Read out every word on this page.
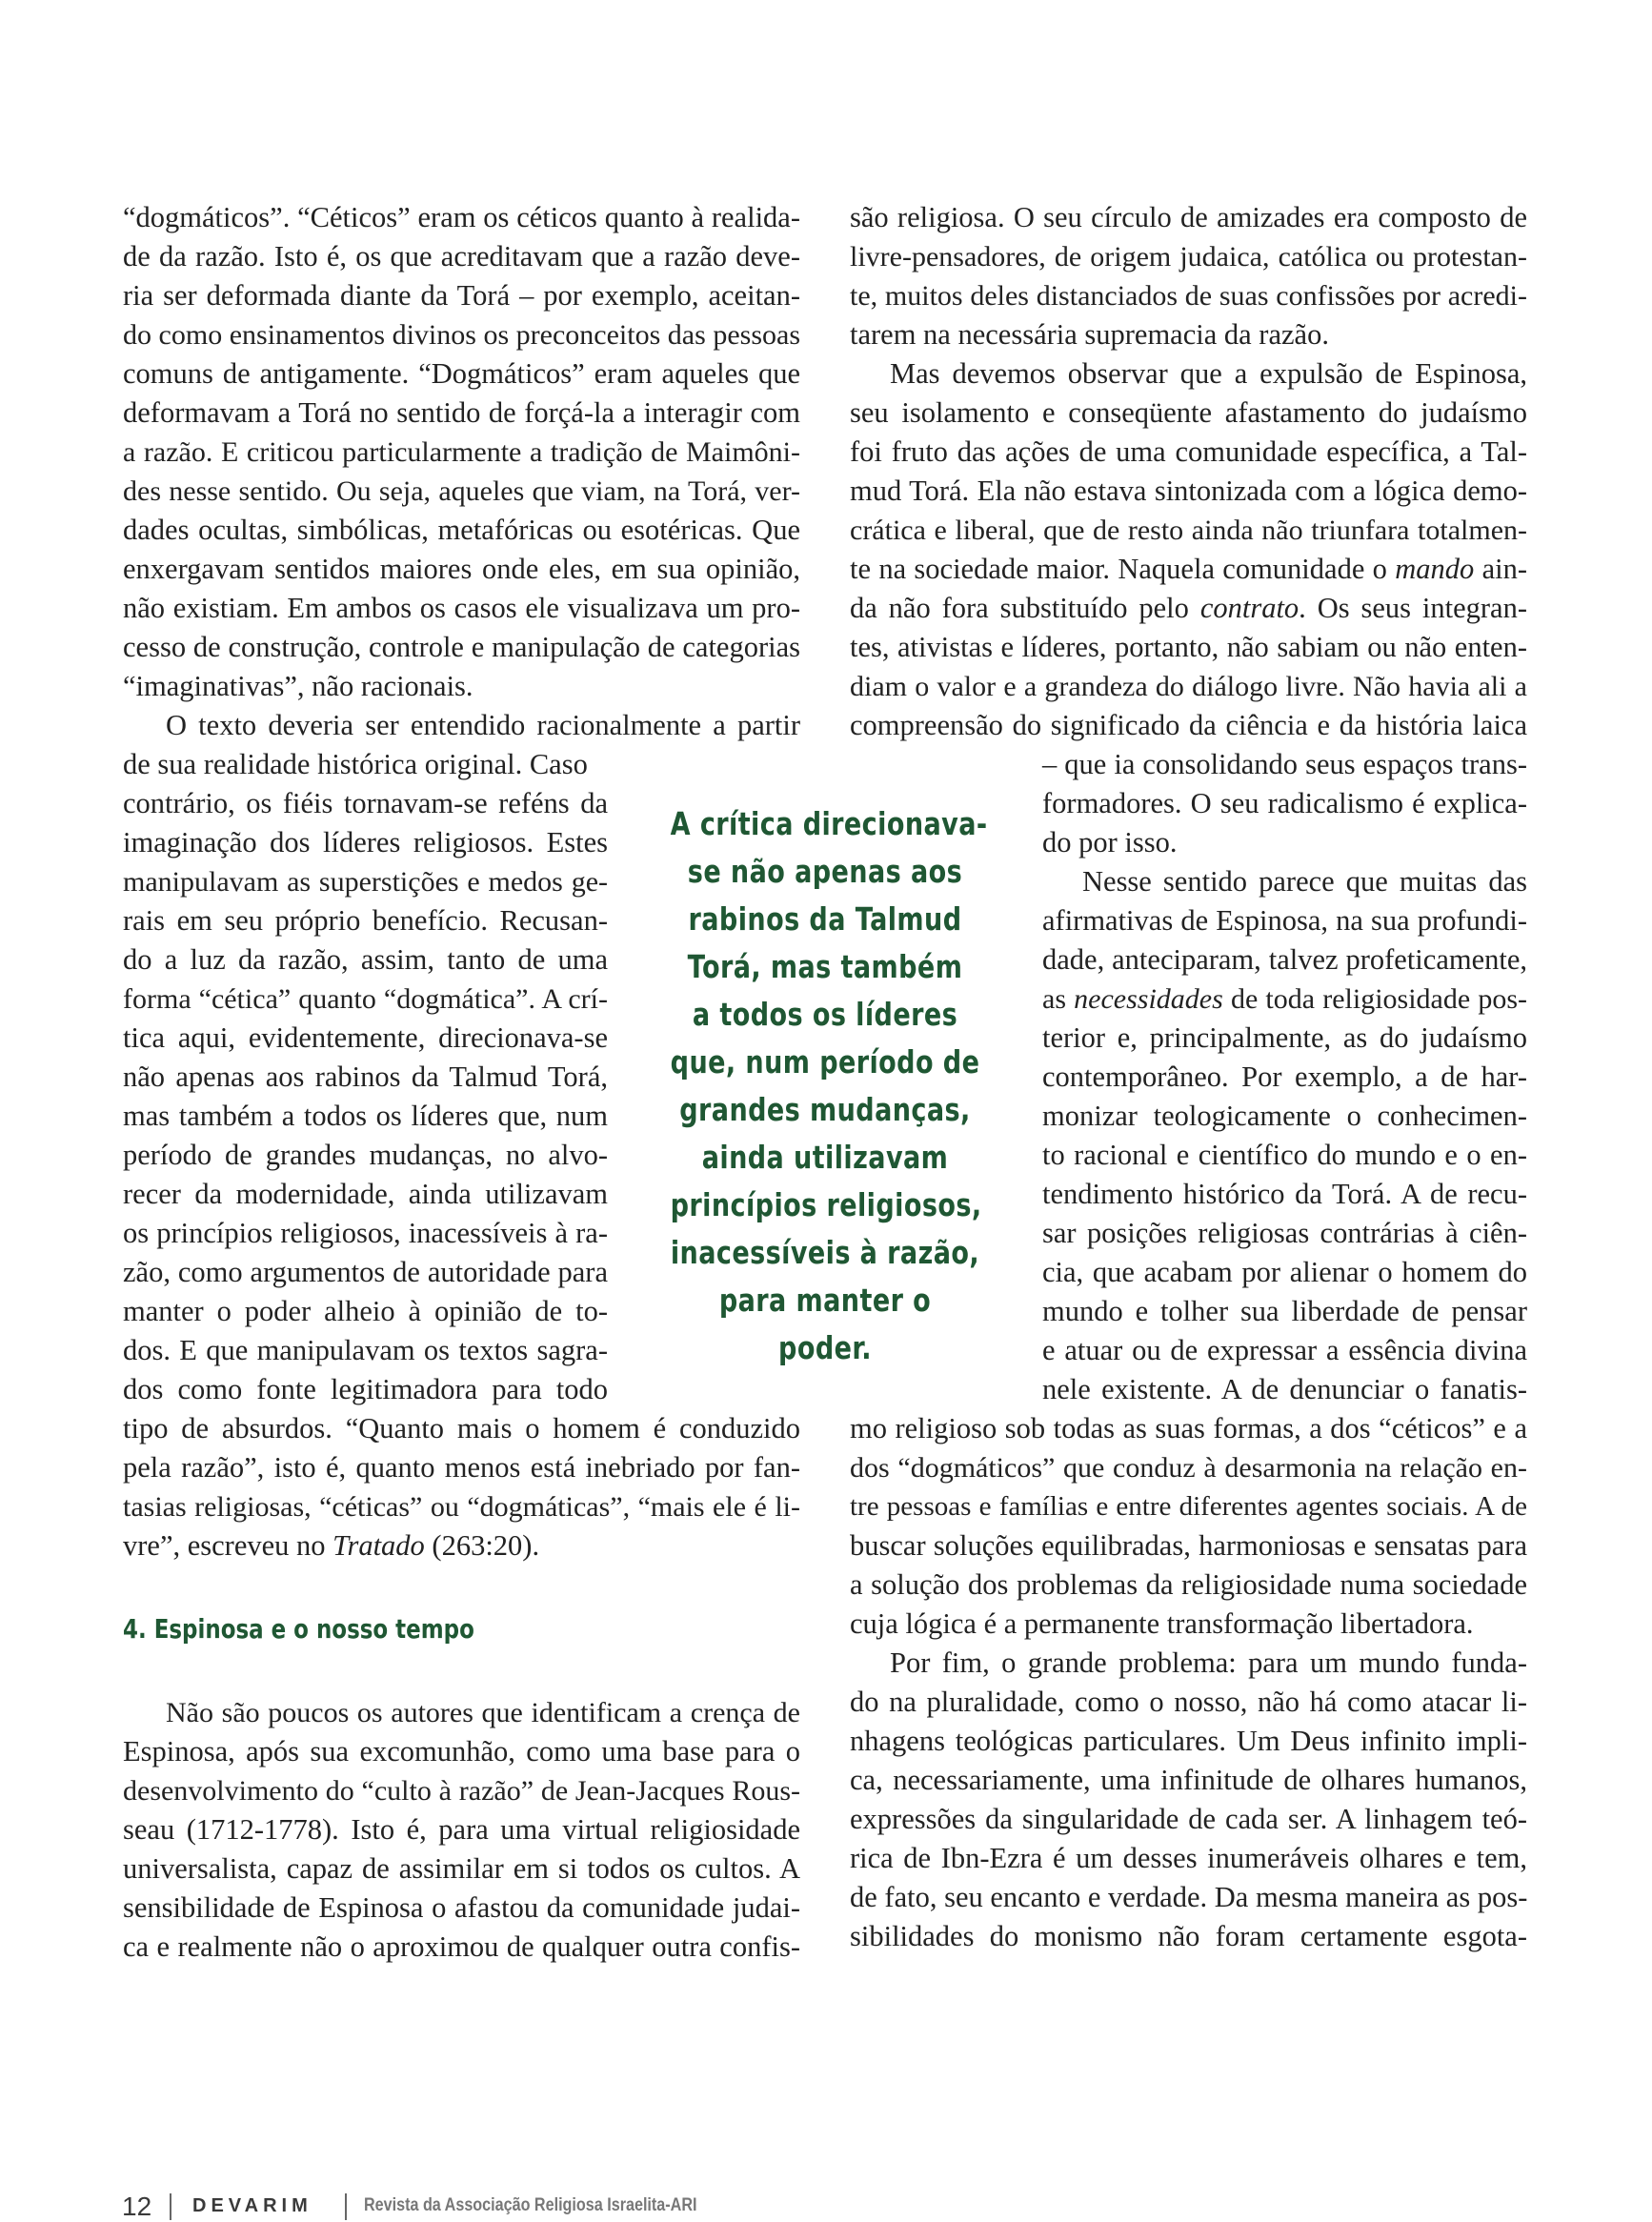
“dogmáticos”. “Céticos” eram os céticos quanto à realida-
de da razão. Isto é, os que acreditavam que a razão deve-
ria ser deformada diante da Torá – por exemplo, aceitan-
do como ensinamentos divinos os preconceitos das pessoas
comuns de antigamente. “Dogmáticos” eram aqueles que
deformavam a Torá no sentido de forçá-la a interagir com
a razão. E criticou particularmente a tradição de Maimôni-
des nesse sentido. Ou seja, aqueles que viam, na Torá, ver-
dades ocultas, simbólicas, metafóricas ou esotéricas. Que
enxergavam sentidos maiores onde eles, em sua opinião,
não existiam. Em ambos os casos ele visualizava um pro-
cesso de construção, controle e manipulação de categorias
“imaginativas”, não racionais.
O texto deveria ser entendido racionalmente a partir
de sua realidade histórica original. Caso
contrário, os fiéis tornavam-se reféns da
imaginação dos líderes religiosos. Estes
manipulavam as superstições e medos ge-
rais em seu próprio benefício. Recusan-
do a luz da razão, assim, tanto de uma
forma “cética” quanto “dogmática”. A crí-
tica aqui, evidentemente, direcionava-se
não apenas aos rabinos da Talmud Torá,
mas também a todos os líderes que, num
período de grandes mudanças, no alvo-
recer da modernidade, ainda utilizavam
os princípios religiosos, inacessíveis à ra-
zão, como argumentos de autoridade para
manter o poder alheio à opinião de to-
dos. E que manipulavam os textos sagra-
dos como fonte legitimadora para todo
tipo de absurdos. “Quanto mais o homem é conduzido
pela razão”, isto é, quanto menos está inebriado por fan-
tasias religiosas, “céticas” ou “dogmáticas”, “mais ele é li-
vre”, escreveu no Tratado (263:20).
4. Espinosa e o nosso tempo
Não são poucos os autores que identificam a crença de
Espinosa, após sua excomunhão, como uma base para o
desenvolvimento do “culto à razão” de Jean-Jacques Rous-
seau (1712-1778). Isto é, para uma virtual religiosidade
universalista, capaz de assimilar em si todos os cultos. A
sensibilidade de Espinosa o afastou da comunidade judai-
ca e realmente não o aproximou de qualquer outra confis-
são religiosa. O seu círculo de amizades era composto de
livre-pensadores, de origem judaica, católica ou protestan-
te, muitos deles distanciados de suas confissões por acredi-
tarem na necessária supremacia da razão.
Mas devemos observar que a expulsão de Espinosa,
seu isolamento e conseqüente afastamento do judaísmo
foi fruto das ações de uma comunidade específica, a Tal-
mud Torá. Ela não estava sintonizada com a lógica demo-
crática e liberal, que de resto ainda não triunfara totalmen-
te na sociedade maior. Naquela comunidade o mando ain-
da não fora substituído pelo contrato. Os seus integran-
tes, ativistas e líderes, portanto, não sabiam ou não enten-
diam o valor e a grandeza do diálogo livre. Não havia ali a
compreensão do significado da ciência e da história laica
– que ia consolidando seus espaços trans-
formadores. O seu radicalismo é explica-
do por isso.
Nesse sentido parece que muitas das
afirmativas de Espinosa, na sua profundi-
dade, anteciparam, talvez profeticamente,
as necessidades de toda religiosidade pos-
terior e, principalmente, as do judaísmo
contemporâneo. Por exemplo, a de har-
monizar teologicamente o conhecimen-
to racional e científico do mundo e o en-
tendimento histórico da Torá. A de recu-
sar posições religiosas contrárias à ciên-
cia, que acabam por alienar o homem do
mundo e tolher sua liberdade de pensar
e atuar ou de expressar a essência divina
nele existente. A de denunciar o fanatis-
mo religioso sob todas as suas formas, a dos “céticos” e a
dos “dogmáticos” que conduz à desarmonia na relação en-
tre pessoas e famílias e entre diferentes agentes sociais. A de
buscar soluções equilibradas, harmoniosas e sensatas para
a solução dos problemas da religiosidade numa sociedade
cuja lógica é a permanente transformação libertadora.
Por fim, o grande problema: para um mundo funda-
do na pluralidade, como o nosso, não há como atacar li-
nhagens teológicas particulares. Um Deus infinito impli-
ca, necessariamente, uma infinitude de olhares humanos,
expressões da singularidade de cada ser. A linhagem teó-
rica de Ibn-Ezra é um desses inumeráveis olhares e tem,
de fato, seu encanto e verdade. Da mesma maneira as pos-
sibilidades do monismo não foram certamente esgota-
A crítica direcionava-
se não apenas aos
rabinos da Talmud
Torá, mas também
a todos os líderes
que, num período de
grandes mudanças,
ainda utilizavam
princípios religiosos,
inacessíveis à razão,
para manter o
poder.
12 DEVARIM	Revista da Associação Religiosa Israelita-ARI
